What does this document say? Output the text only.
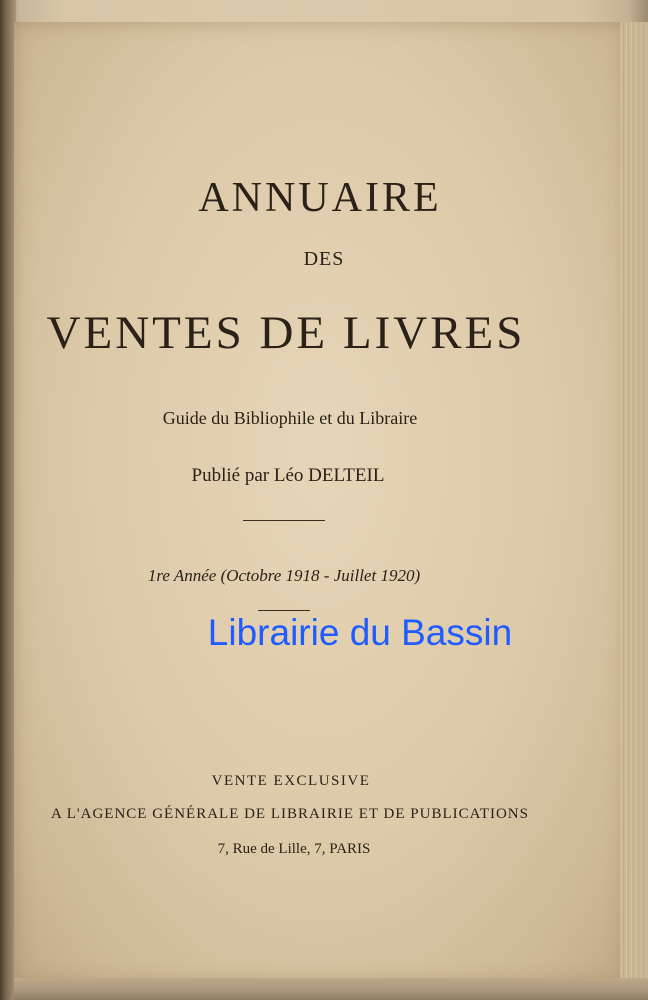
ANNUAIRE
DES
VENTES DE LIVRES
Guide du Bibliophile et du Libraire
Publié par Léo DELTEIL
1re Année (Octobre 1918 - Juillet 1920)
Librairie du Bassin
VENTE EXCLUSIVE
A L'AGENCE GÉNÉRALE DE LIBRAIRIE ET DE PUBLICATIONS
7, Rue de Lille, 7, PARIS
